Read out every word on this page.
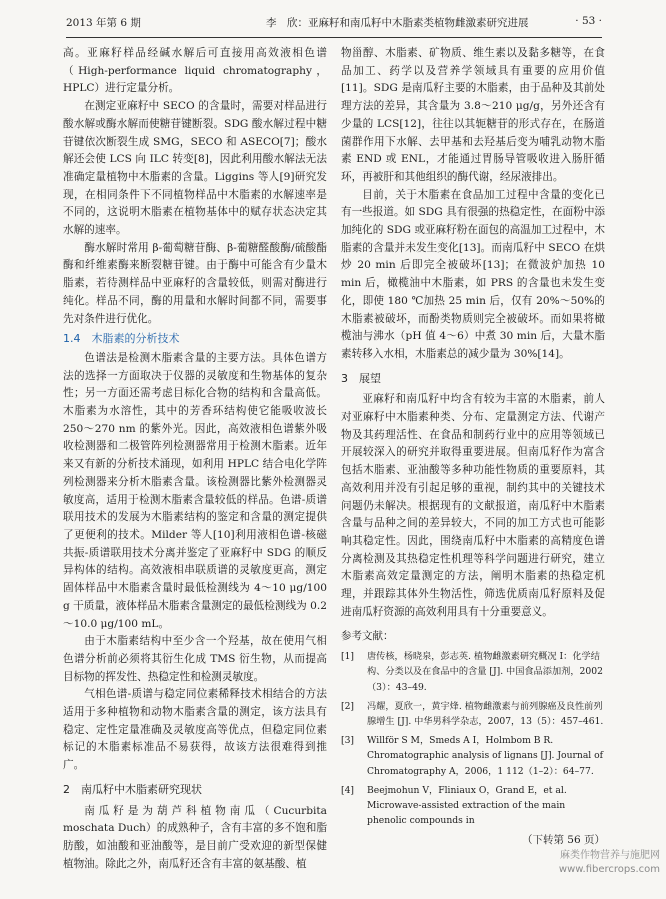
2013 年第 6 期	李　欣：亚麻籽和南瓜籽中木脂素类植物雌激素研究进展	· 53 ·

高。亚麻籽样品经碱水解后可直接用高效液相色谱（High-performance liquid chromatography，HPLC）进行定量分析。

在测定亚麻籽中 SECO 的含量时，需要对样品进行酸水解或酶水解而使糖苷键断裂。SDG 酸水解过程中糖苷键依次断裂生成 SMG，SECO 和 ASECO[7]；酸水解还会使 LCS 向 ILC 转变[8]，因此利用酸水解法无法准确定量植物中木脂素的含量。Liggins 等人[9]研究发现，在相同条件下不同植物样品中木脂素的水解速率是不同的，这说明木脂素在植物基体中的赋存状态决定其水解的速率。

酶水解时常用 β-葡萄糖苷酶、β-葡糖醛酸酶/硫酸酯酶和纤维素酶来断裂糖苷键。由于酶中可能含有少量木脂素，若待测样品中亚麻籽的含量较低，则需对酶进行纯化。样品不同，酶的用量和水解时间都不同，需要事先对条件进行优化。

1.4　木脂素的分析技术

色谱法是检测木脂素含量的主要方法。具体色谱方法的选择一方面取决于仪器的灵敏度和生物基体的复杂性；另一方面还需考虑目标化合物的结构和含量高低。木脂素为水溶性，其中的芳香环结构使它能吸收波长 250～270 nm 的紫外光。因此，高效液相色谱紫外吸收检测器和二极管阵列检测器常用于检测木脂素。近年来又有新的分析技术涌现，如利用 HPLC 结合电化学阵列检测器来分析木脂素含量。该检测器比紫外检测器灵敏度高，适用于检测木脂素含量较低的样品。色谱-质谱联用技术的发展为木脂素结构的鉴定和含量的测定提供了更便利的技术。Milder 等人[10]利用液相色谱-核磁共振-质谱联用技术分离并鉴定了亚麻籽中 SDG 的顺反异构体的结构。高效液相串联质谱的灵敏度更高，测定固体样品中木脂素含量时最低检测线为 4～10 μg/100 g 干质量，液体样品木脂素含量测定的最低检测线为 0.2～10.0 μg/100 mL。

由于木脂素结构中至少含一个羟基，故在使用气相色谱分析前必须将其衍生化成 TMS 衍生物，从而提高目标物的挥发性、热稳定性和检测灵敏度。

气相色谱-质谱与稳定同位素稀释技术相结合的方法适用于多种植物和动物木脂素含量的测定，该方法具有稳定、定性定量准确及灵敏度高等优点，但稳定同位素标记的木脂素标准品不易获得，故该方法很难得到推广。

2　南瓜籽中木脂素研究现状

南瓜籽是为葫芦科植物南瓜（Cucurbita moschata Duch）的成熟种子，含有丰富的多不饱和脂肪酸，如油酸和亚油酸等，是目前广受欢迎的新型保健植物油。除此之外，南瓜籽还含有丰富的氨基酸、植

物甾醇、木脂素、矿物质、维生素以及黏多糖等，在食品加工、药学以及营养学领域具有重要的应用价值[11]。SDG 是南瓜籽主要的木脂素，由于品种及其前处理方法的差异，其含量为 3.8～210 μg/g，另外还含有少量的 LCS[12]，往往以其轭糖苷的形式存在，在肠道菌群作用下水解、去甲基和去羟基后变为哺乳动物木脂素 END 或 ENL，才能通过胃肠导管吸收进入肠肝循环，再被肝和其他组织的酶代谢，经尿液排出。

目前，关于木脂素在食品加工过程中含量的变化已有一些报道。如 SDG 具有很强的热稳定性，在面粉中添加纯化的 SDG 或亚麻籽粉在面包的高温加工过程中，木脂素的含量并未发生变化[13]。而南瓜籽中 SECO 在烘炒 20 min 后即完全被破坏[13]；在微波炉加热 10 min 后，橄榄油中木脂素，如 PRS 的含量也未发生变化，即使 180 ℃加热 25 min 后，仅有 20%～50%的木脂素被破坏，而酚类物质则完全被破坏。而如果将橄榄油与沸水（pH 值 4～6）中煮 30 min 后，大量木脂素转移入水相，木脂素总的减少量为 30%[14]。

3　展望

亚麻籽和南瓜籽中均含有较为丰富的木脂素，前人对亚麻籽中木脂素种类、分布、定量测定方法、代谢产物及其药理活性、在食品和制药行业中的应用等领域已开展较深入的研究并取得重要进展。但南瓜籽作为富含包括木脂素、亚油酸等多种功能性物质的重要原料，其高效利用并没有引起足够的重视，制约其中的关键技术问题仍未解决。根据现有的文献报道，南瓜籽中木脂素含量与品种之间的差异较大，不同的加工方式也可能影响其稳定性。因此，围绕南瓜籽中木脂素的高精度色谱分离检测及其热稳定性机理等科学问题进行研究，建立木脂素高效定量测定的方法，阐明木脂素的热稳定机理，并跟踪其体外生物活性，筛选优质南瓜籽原料及促进南瓜籽资源的高效利用具有十分重要意义。

参考文献：
[1]	唐传核，杨晓泉，彭志英. 植物雌激素研究概况 Ⅰ：化学结构、分类以及在食品中的含量 [J]. 中国食品添加剂，2002（3）：43–49.
[2]	冯耀，夏欣一，黄宇烽. 植物雌激素与前列腺癌及良性前列腺增生 [J]. 中华男科学杂志，2007，13（5）：457–461.
[3]	Willför S M，Smeds A I，Holmbom B R. Chromatographic analysis of lignans [J]. Journal of Chromatography A，2006，1 112（1–2）：64–77.
[4]	Beejmohun V，Fliniaux O，Grand E，et al. Microwave-assisted extraction of the main phenolic compounds in
（下转第 56 页）
麻类作物营养与施肥网
www.fibercrops.com
